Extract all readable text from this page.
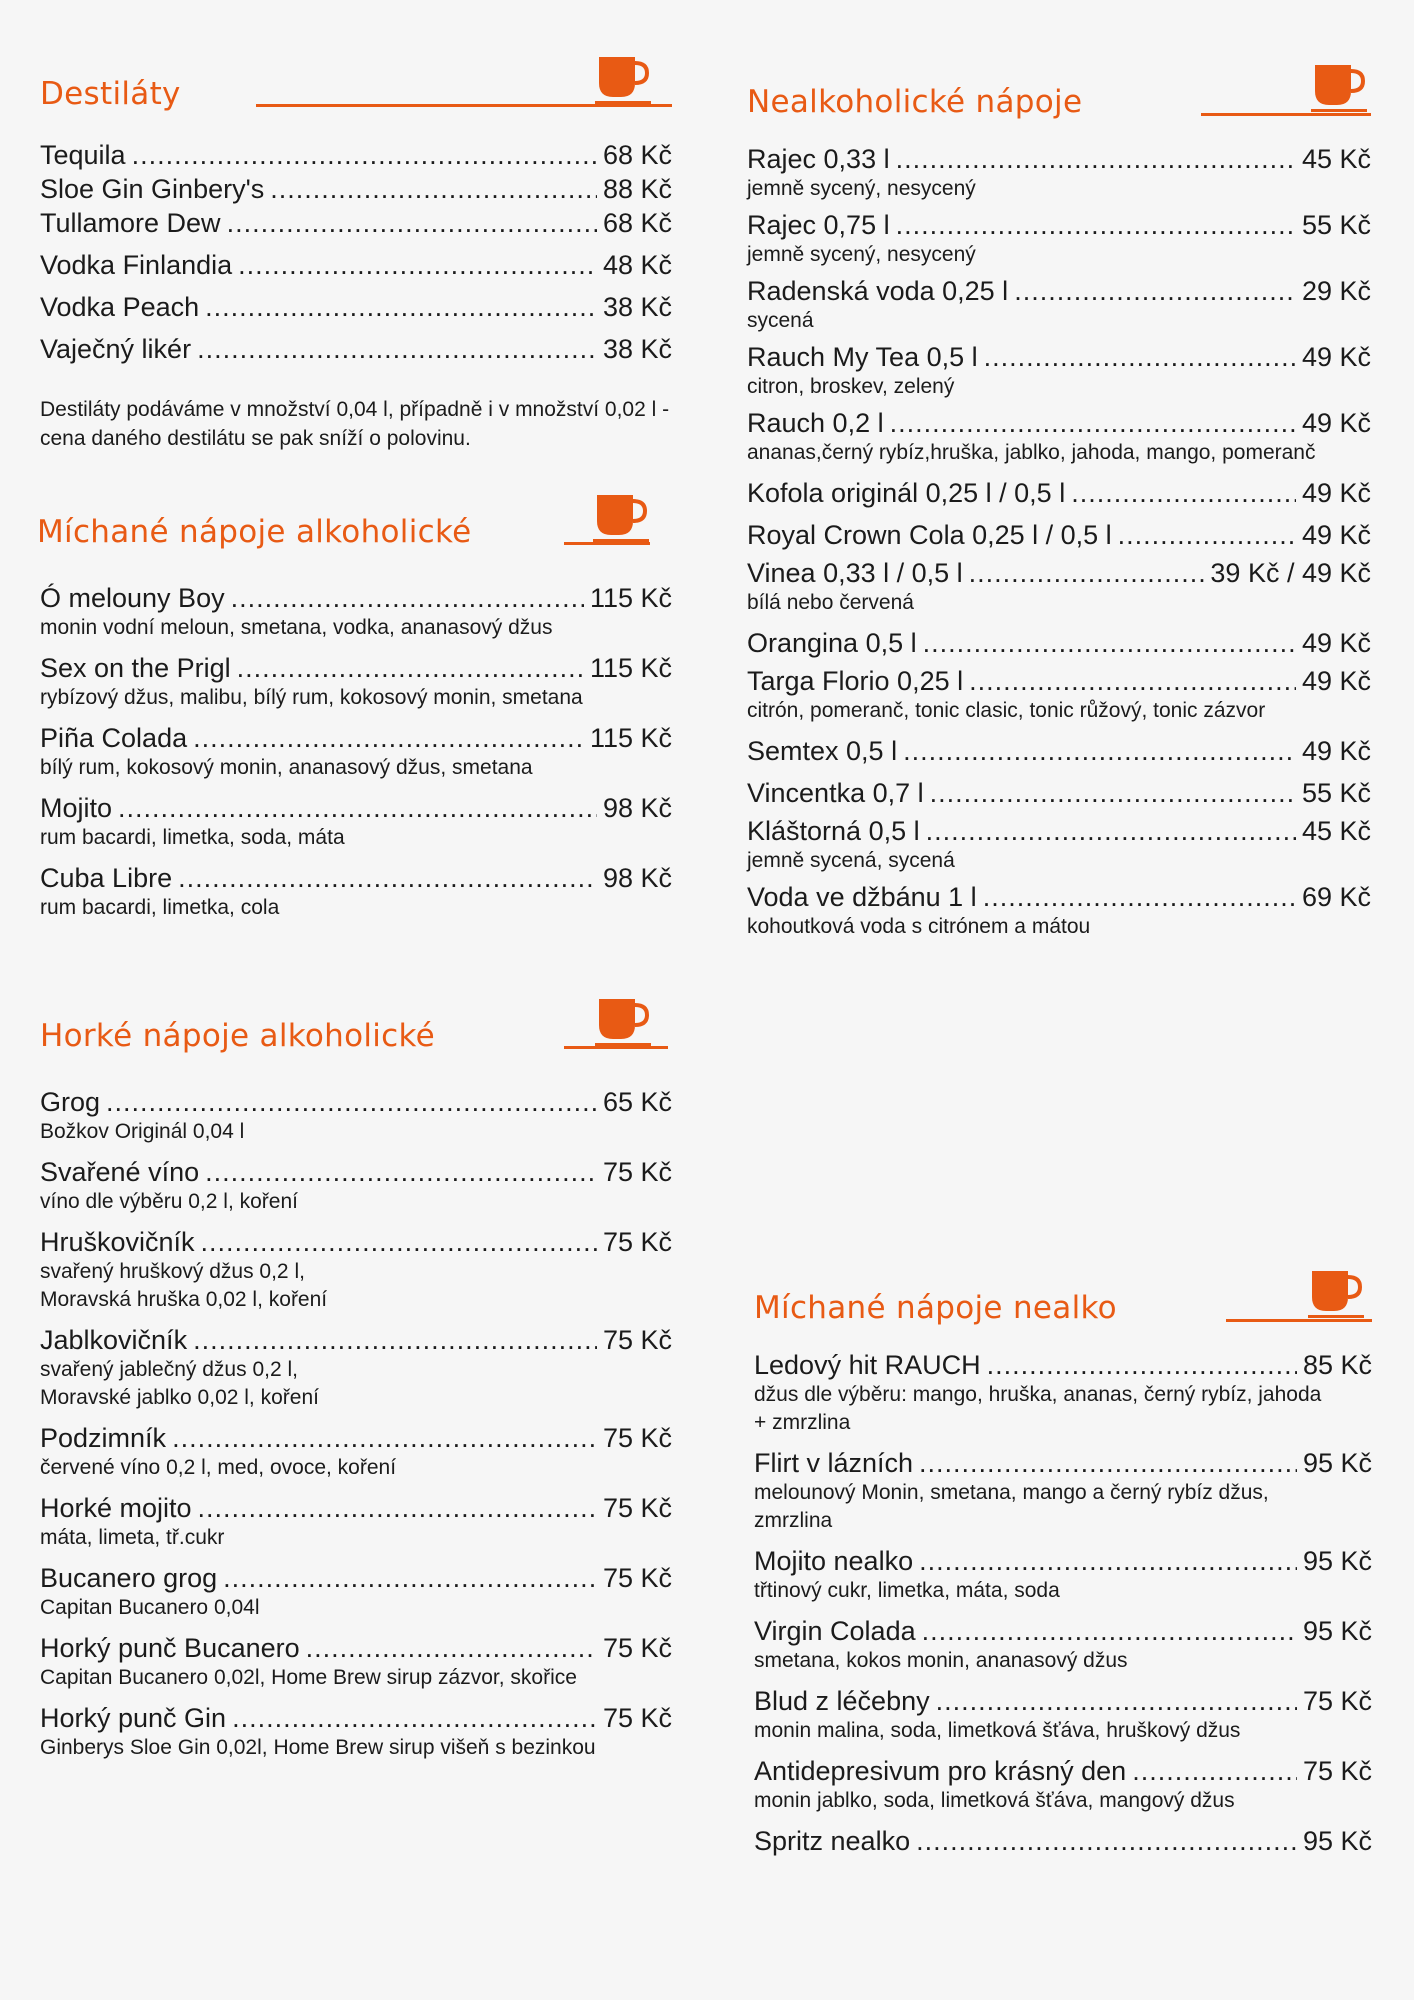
Destiláty
Tequila .....	68 Kč
Sloe Gin Ginbery's .....	88 Kč
Tullamore Dew .....	68 Kč
Vodka Finlandia .....	48 Kč
Vodka Peach .....	38 Kč
Vaječný likér .....	38 Kč
Destiláty podáváme v množství 0,04 l, případně i v množství 0,02 l - cena daného destilátu se pak sníží o polovinu.
Míchané nápoje alkoholické
Ó melouny Boy .....	115 Kč
monin vodní meloun, smetana, vodka, ananasový džus
Sex on the Prigl .....	115 Kč
rybízový džus, malibu, bílý rum, kokosový monin, smetana
Piña Colada .....	115 Kč
bílý rum, kokosový monin, ananasový džus, smetana
Mojito .....	98 Kč
rum bacardi, limetka, soda, máta
Cuba Libre .....	98 Kč
rum bacardi, limetka, cola
Horké nápoje alkoholické
Grog .....	65 Kč
Božkov Originál 0,04 l
Svařené víno .....	75 Kč
víno dle výběru 0,2 l, koření
Hruškovičník .....	75 Kč
svařený hruškový džus 0,2 l,
Moravská hruška 0,02 l, koření
Jablkovičník .....	75 Kč
svařený jablečný džus 0,2 l,
Moravské jablko 0,02 l, koření
Podzimník .....	75 Kč
červené víno 0,2 l, med, ovoce, koření
Horké mojito .....	75 Kč
máta, limeta, tř.cukr
Bucanero grog .....	75 Kč
Capitan Bucanero 0,04l
Horký punč Bucanero .....	75 Kč
Capitan Bucanero 0,02l, Home Brew sirup zázvor, skořice
Horký punč Gin .....	75 Kč
Ginberys Sloe Gin 0,02l, Home Brew sirup višeň s bezinkou
Nealkoholické nápoje
Rajec 0,33 l .....	45 Kč
jemně sycený, nesycený
Rajec 0,75 l .....	55 Kč
jemně sycený, nesycený
Radenská voda 0,25 l .....	29 Kč
sycená
Rauch My Tea 0,5 l .....	49 Kč
citron, broskev, zelený
Rauch 0,2 l .....	49 Kč
ananas,černý rybíz,hruška, jablko, jahoda, mango, pomeranč
Kofola originál 0,25 l / 0,5 l .....	49 Kč
Royal Crown Cola 0,25 l / 0,5 l .....	49 Kč
Vinea 0,33 l / 0,5 l .....	39 Kč / 49 Kč
bílá nebo červená
Orangina 0,5 l .....	49 Kč
Targa Florio 0,25 l .....	49 Kč
citrón, pomeranč, tonic clasic, tonic růžový, tonic zázvor
Semtex 0,5 l .....	49 Kč
Vincentka 0,7 l .....	55 Kč
Kláštorná 0,5 l .....	45 Kč
jemně sycená, sycená
Voda ve džbánu 1 l .....	69 Kč
kohoutková voda s citrónem a mátou
Míchané nápoje nealko
Ledový hit RAUCH .....	85 Kč
džus dle výběru: mango, hruška, ananas, černý rybíz, jahoda
+ zmrzlina
Flirt v lázních .....	95 Kč
melounový Monin, smetana, mango a černý rybíz džus,
zmrzlina
Mojito nealko .....	95 Kč
třtinový cukr, limetka, máta, soda
Virgin Colada .....	95 Kč
smetana, kokos monin, ananasový džus
Blud z léčebny .....	75 Kč
monin malina, soda, limetková šťáva, hruškový džus
Antidepresivum pro krásný den .....	75 Kč
monin jablko, soda, limetková šťáva, mangový džus
Spritz nealko .....	95 Kč
